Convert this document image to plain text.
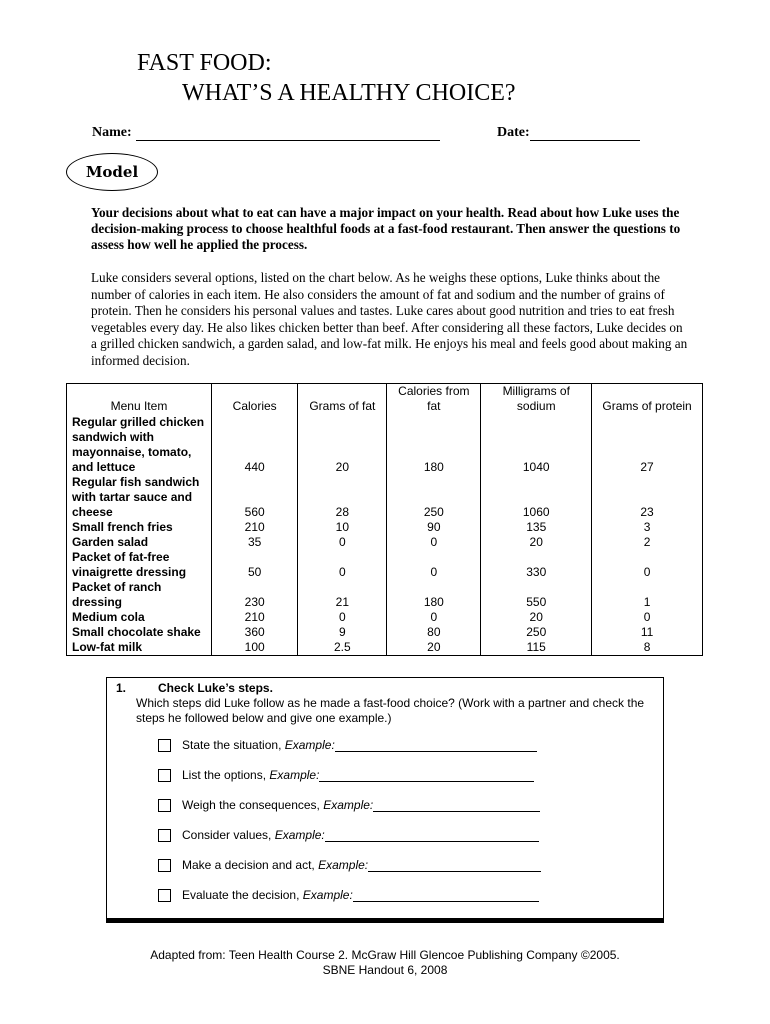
FAST FOOD:
WHAT’S A HEALTHY CHOICE?
Name:	Date:
Model
Your decisions about what to eat can have a major impact on your health. Read about how Luke uses the decision-making process to choose healthful foods at a fast-food restaurant. Then answer the questions to assess how well he applied the process.
Luke considers several options, listed on the chart below. As he weighs these options, Luke thinks about the number of calories in each item. He also considers the amount of fat and sodium and the number of grains of protein. Then he considers his personal values and tastes. Luke cares about good nutrition and tries to eat fresh vegetables every day. He also likes chicken better than beef. After considering all these factors, Luke decides on a grilled chicken sandwich, a garden salad, and low-fat milk. He enjoys his meal and feels good about making an informed decision.
Menu Item	Calories	Grams of fat	Calories from fat	Milligrams of sodium	Grams of protein
Regular grilled chicken sandwich with mayonnaise, tomato, and lettuce	440	20	180	1040	27
Regular fish sandwich with tartar sauce and cheese	560	28	250	1060	23
Small french fries	210	10	90	135	3
Garden salad	35	0	0	20	2
Packet of fat-free vinaigrette dressing	50	0	0	330	0
Packet of ranch dressing	230	21	180	550	1
Medium cola	210	0	0	20	0
Small chocolate shake	360	9	80	250	11
Low-fat milk	100	2.5	20	115	8
1.	Check Luke’s steps.
Which steps did Luke follow as he made a fast-food choice? (Work with a partner and check the steps he followed below and give one example.)
State the situation,
Example:
List the options,
Example:
Weigh the consequences,
Example:
Consider values,
Example:
Make a decision and act,
Example:
Evaluate the decision,
Example:
Adapted from: Teen Health Course 2. McGraw Hill Glencoe Publishing Company ©2005.
SBNE Handout 6, 2008
